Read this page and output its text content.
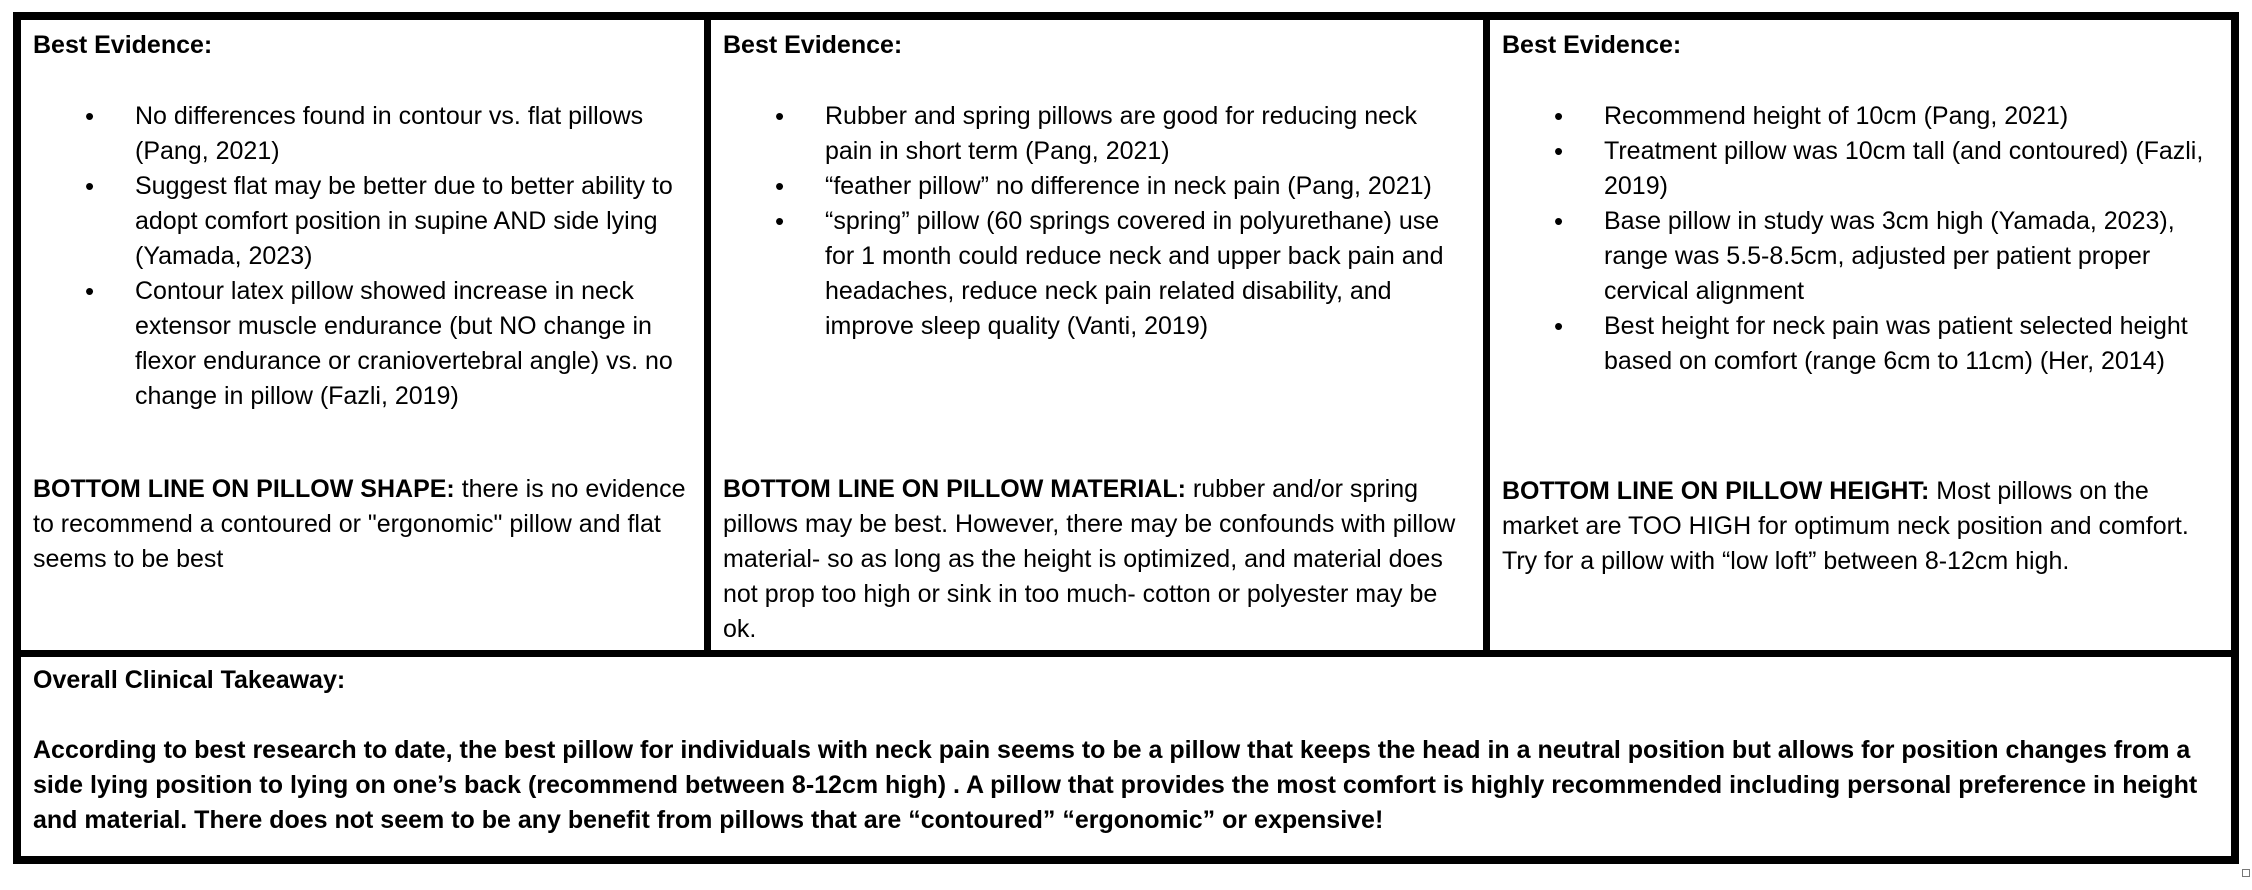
Best Evidence:

• No differences found in contour vs. flat pillows (Pang, 2021)
• Suggest flat may be better due to better ability to adopt comfort position in supine AND side lying (Yamada, 2023)
• Contour latex pillow showed increase in neck extensor muscle endurance (but NO change in flexor endurance or craniovertebral angle) vs. no change in pillow (Fazli, 2019)

BOTTOM LINE ON PILLOW SHAPE: there is no evidence to recommend a contoured or "ergonomic" pillow and flat seems to be best

Best Evidence:

• Rubber and spring pillows are good for reducing neck pain in short term (Pang, 2021)
• “feather pillow” no difference in neck pain (Pang, 2021)
• “spring” pillow (60 springs covered in polyurethane) use for 1 month could reduce neck and upper back pain and headaches, reduce neck pain related disability, and improve sleep quality (Vanti, 2019)

BOTTOM LINE ON PILLOW MATERIAL: rubber and/or spring pillows may be best. However, there may be confounds with pillow material- so as long as the height is optimized, and material does not prop too high or sink in too much- cotton or polyester may be ok.

Best Evidence:

• Recommend height of 10cm (Pang, 2021)
• Treatment pillow was 10cm tall (and contoured) (Fazli, 2019)
• Base pillow in study was 3cm high (Yamada, 2023), range was 5.5-8.5cm, adjusted per patient proper cervical alignment
• Best height for neck pain was patient selected height based on comfort (range 6cm to 11cm) (Her, 2014)

BOTTOM LINE ON PILLOW HEIGHT: Most pillows on the market are TOO HIGH for optimum neck position and comfort. Try for a pillow with “low loft” between 8-12cm high.

Overall Clinical Takeaway:

According to best research to date, the best pillow for individuals with neck pain seems to be a pillow that keeps the head in a neutral position but allows for position changes from a side lying position to lying on one’s back (recommend between 8-12cm high) . A pillow that provides the most comfort is highly recommended including personal preference in height and material. There does not seem to be any benefit from pillows that are “contoured” “ergonomic” or expensive!
